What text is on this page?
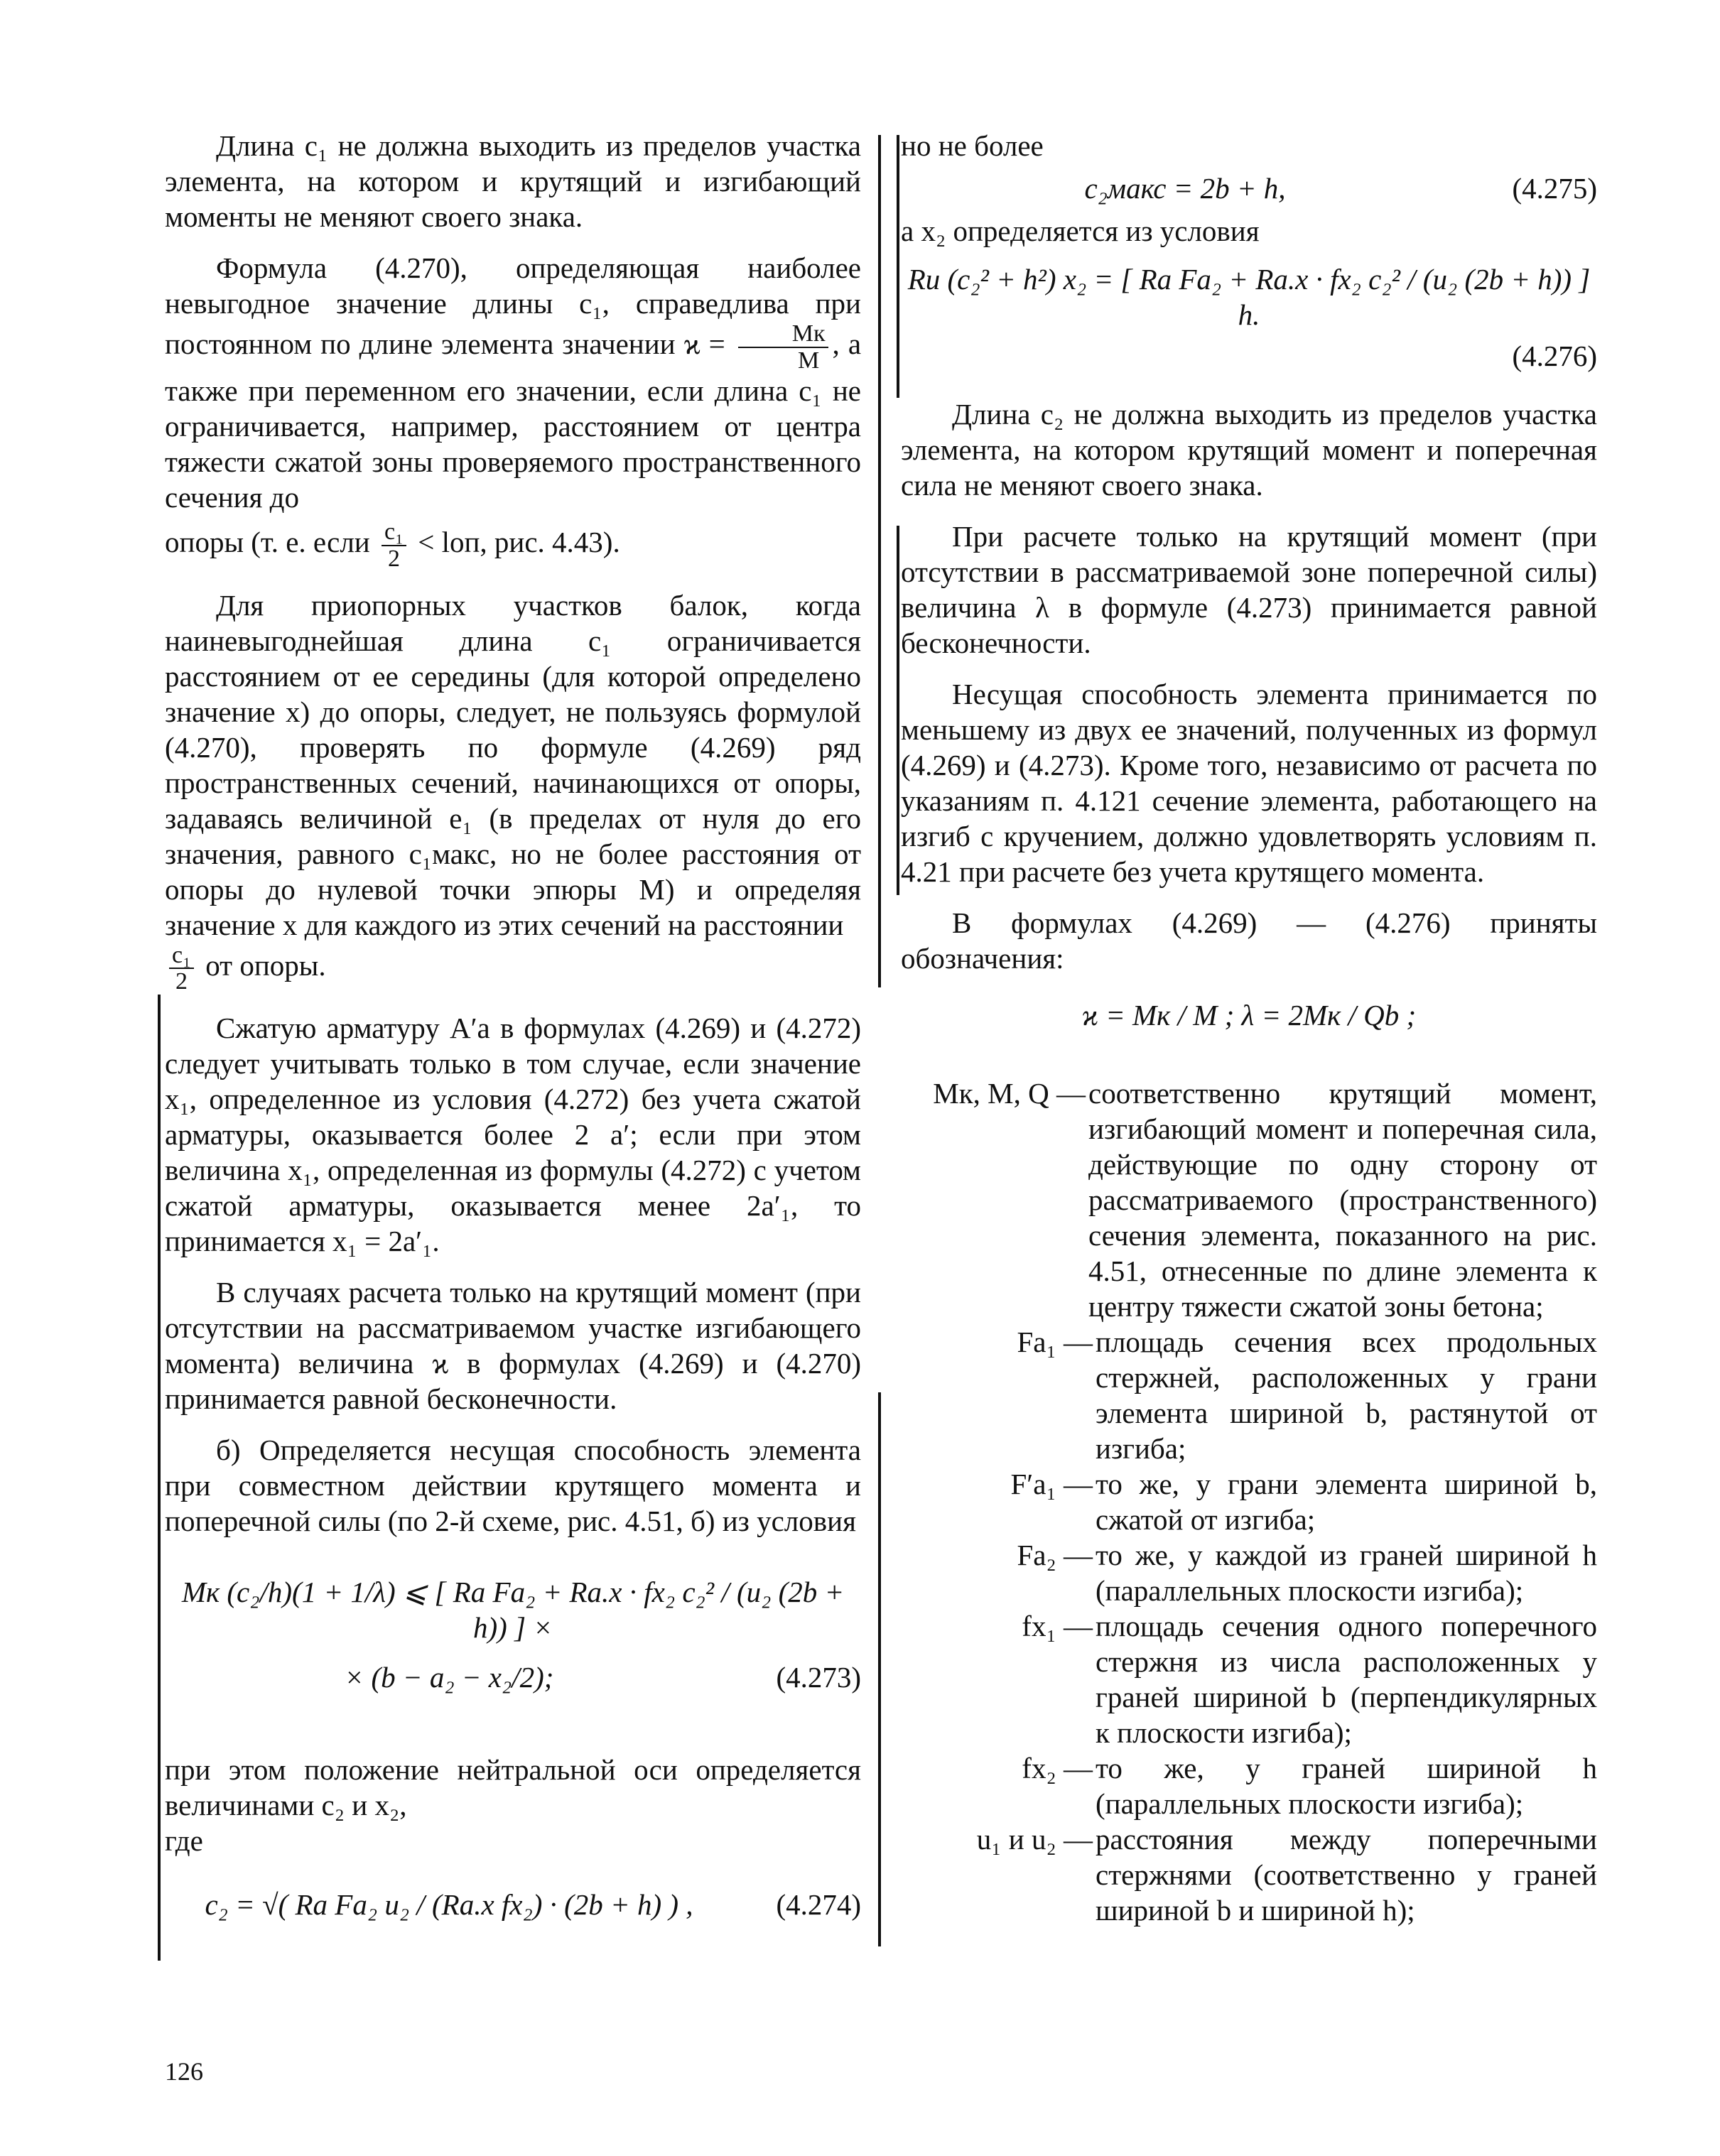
Длина c₁ не должна выходить из пределов участка элемента, на котором и крутящий и изгибающий моменты не меняют своего знака.

Формула (4.270), определяющая наиболее невыгодное значение длины c₁, справедлива при постоянном по длине элемента значении $ϰ = \frac{Mк}{M}$ , а также при переменном его значении, если длина c₁ не ограничивается, например, расстоянием от центра тяжести сжатой зоны проверяемого пространственного сечения до

опоры (т. е. если $\frac{\text{c₁}}{2}$ < lоп, рис. 4.43).

Для приопорных участков балок, когда наиневыгоднейшая длина c₁ ограничивается расстоянием от ее середины (для которой определено значение x) до опоры, следует, не пользуясь формулой (4.270), проверять по формуле (4.269) ряд пространственных сечений, начинающихся от опоры, задаваясь величиной e₁ (в пределах от нуля до его значения, равного c₁макс, но не более расстояния от опоры до нулевой точки эпюры M) и определяя значение x для каждого из этих сечений на расстоянии

$\frac{\text{c₁}}{2}$ от опоры.

Сжатую арматуру A′a в формулах (4.269) и (4.272) следует учитывать только в том случае, если значение x₁, определенное из условия (4.272) без учета сжатой арматуры, оказывается более 2 a′; если при этом величина x₁, определенная из формулы (4.272) с учетом сжатой арматуры, оказывается менее 2a′₁, то принимается x₁ = 2a′₁.

В случаях расчета только на крутящий момент (при отсутствии на рассматриваемом участке изгибающего момента) величина ϰ в формулах (4.269) и (4.270) принимается равной бесконечности.

б) Определяется несущая способность элемента при совместном действии крутящего момента и поперечной силы (по 2-й схеме, рис. 4.51, б) из условия

Mк (c₂/h)(1 + 1/λ) ⩽ [ Ra Fa₂ + Ra.x · fx₂ c₂² / (u₂ (2b + h)) ] ×
× (b − a₂ − x₂/2);	(4.273)

при этом положение нейтральной оси определяется величинами c₂ и x₂,

где

c₂ = √( Ra Fa₂ u₂ / (Ra.x fx₂) · (2b + h) ) ,	(4.274)

но не более

c₂макс = 2b + h,	(4.275)

а x₂ определяется из условия

Rи (c₂² + h²) x₂ = [ Ra Fa₂ + Ra.x · fx₂ c₂² / (u₂ (2b + h)) ] h.
(4.276)

Длина c₂ не должна выходить из пределов участка элемента, на котором крутящий момент и поперечная сила не меняют своего знака.

При расчете только на крутящий момент (при отсутствии в рассматриваемой зоне поперечной силы) величина λ в формуле (4.273) принимается равной бесконечности.

Несущая способность элемента принимается по меньшему из двух ее значений, полученных из формул (4.269) и (4.273). Кроме того, независимо от расчета по указаниям п. 4.121 сечение элемента, работающего на изгиб с кручением, должно удовлетворять условиям п. 4.21 при расчете без учета крутящего момента.

В формулах (4.269) — (4.276) приняты обозначения:

ϰ = Mк / M ; λ = 2Mк / Qb ;
Mк, M, Q — соответственно крутящий момент, изгибающий момент и поперечная сила, действующие по одну сторону от рассматриваемого (пространственного) сечения элемента, показанного на рис. 4.51, отнесенные по длине элемента к центру тяжести сжатой зоны бетона;
Fa₁ — площадь сечения всех продольных стержней, расположенных у грани элемента шириной b, растянутой от изгиба;
F′a₁ — то же, у грани элемента шириной b, сжатой от изгиба;
Fa₂ — то же, у каждой из граней шириной h (параллельных плоскости изгиба);
fx₁ — площадь сечения одного поперечного стержня из числа расположенных у граней шириной b (перпендикулярных к плоскости изгиба);
fx₂ — то же, у граней шириной h (параллельных плоскости изгиба);
u₁ и u₂ — расстояния между поперечными стержнями (соответственно у граней шириной b и шириной h);
126
